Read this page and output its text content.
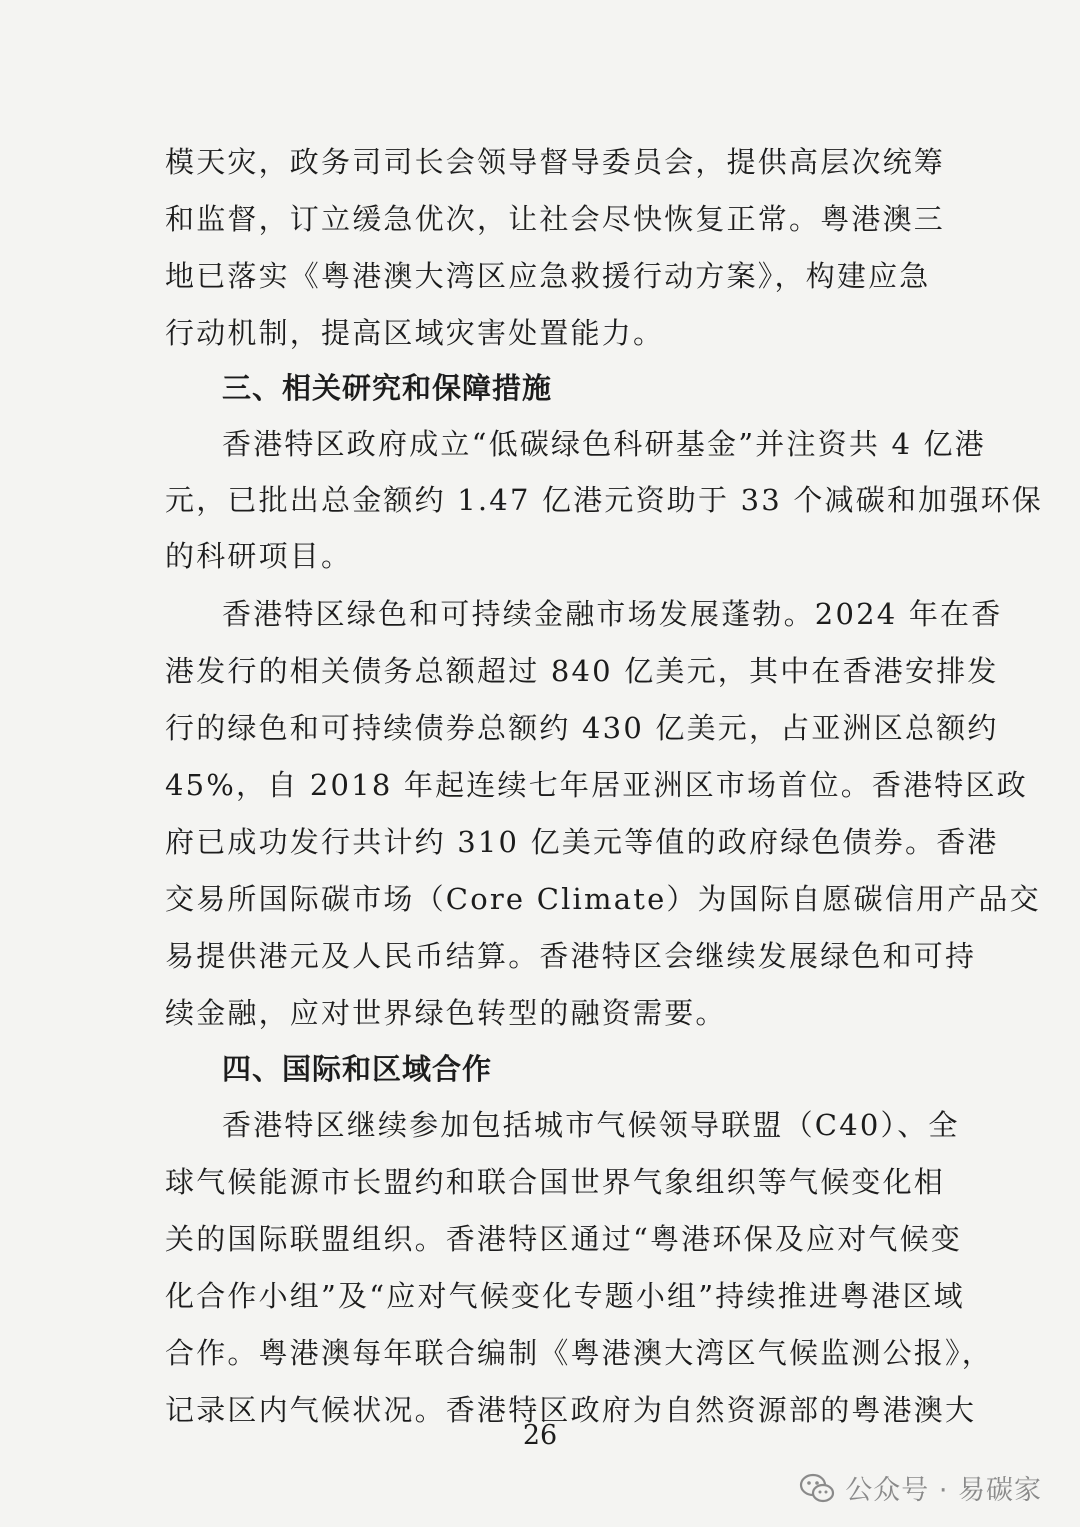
模天灾，政务司司长会领导督导委员会，提供高层次统筹
和监督，订立缓急优次，让社会尽快恢复正常。粤港澳三
地已落实《粤港澳大湾区应急救援行动方案》，构建应急
行动机制，提高区域灾害处置能力。
三、相关研究和保障措施
香港特区政府成立“低碳绿色科研基金”并注资共 4 亿港
元，已批出总金额约 1.47 亿港元资助于 33 个减碳和加强环保
的科研项目。
香港特区绿色和可持续金融市场发展蓬勃。2024 年在香
港发行的相关债务总额超过 840 亿美元，其中在香港安排发
行的绿色和可持续债券总额约 430 亿美元，占亚洲区总额约
45%，自 2018 年起连续七年居亚洲区市场首位。香港特区政
府已成功发行共计约 310 亿美元等值的政府绿色债券。香港
交易所国际碳市场（Core Climate）为国际自愿碳信用产品交
易提供港元及人民币结算。香港特区会继续发展绿色和可持
续金融，应对世界绿色转型的融资需要。
四、国际和区域合作
香港特区继续参加包括城市气候领导联盟（C40）、全
球气候能源市长盟约和联合国世界气象组织等气候变化相
关的国际联盟组织。香港特区通过“粤港环保及应对气候变
化合作小组”及“应对气候变化专题小组”持续推进粤港区域
合作。粤港澳每年联合编制《粤港澳大湾区气候监测公报》，
记录区内气候状况。香港特区政府为自然资源部的粤港澳大
26
公众号 · 易碳家
